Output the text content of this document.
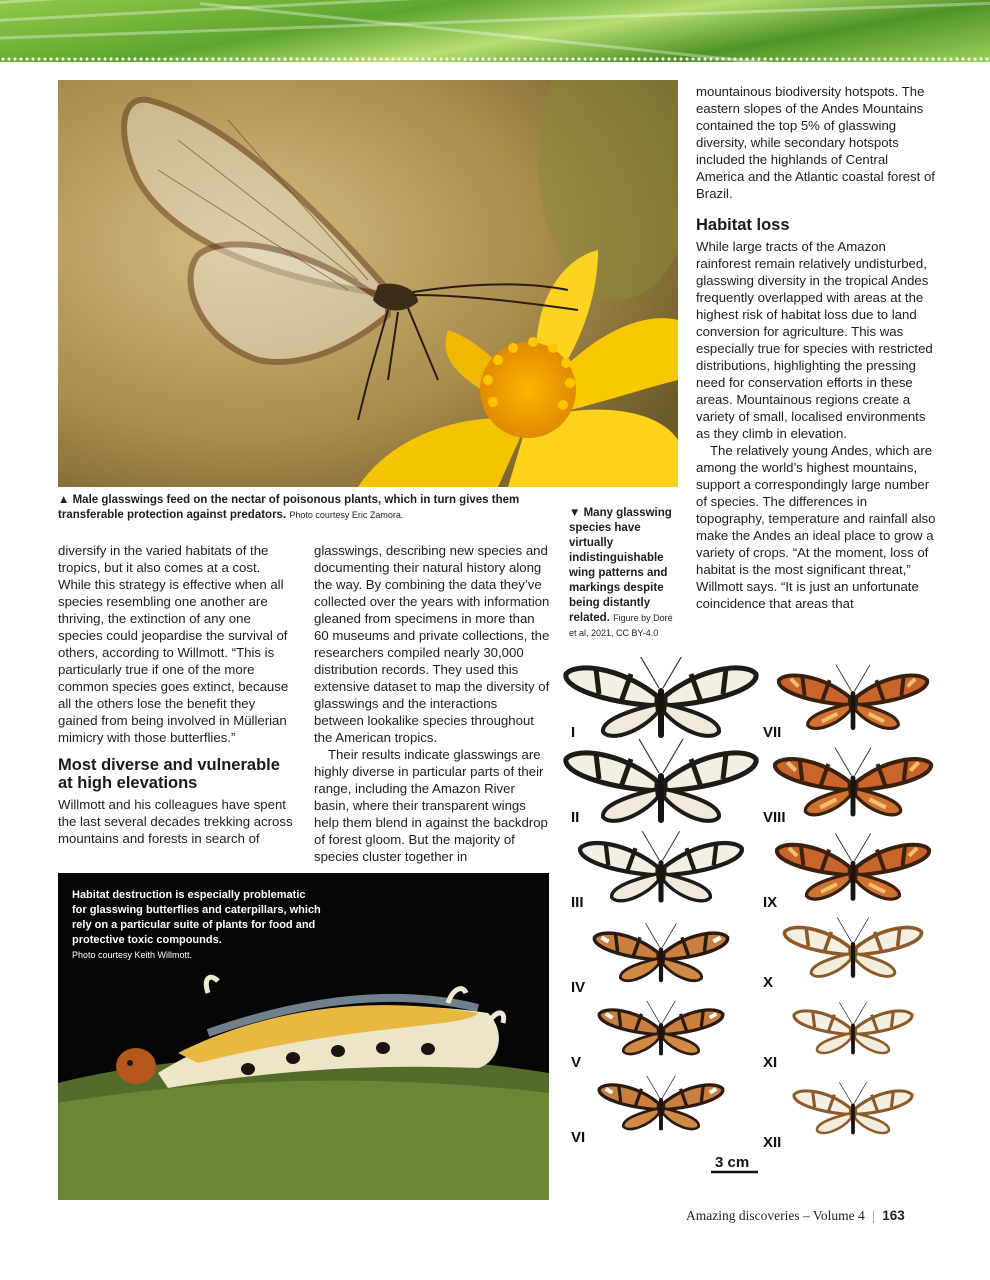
▲ Male glasswings feed on the nectar of poisonous plants, which in turn gives them transferable protection against predators. Photo courtesy Eric Zamora.	▼ Many glasswing species have virtually indistinguishable wing patterns and markings despite being distantly related. Figure by Doré et al, 2021, CC BY-4.0

diversify in the varied habitats of the tropics, but it also comes at a cost. While this strategy is effective when all species resembling one another are thriving, the extinction of any one species could jeopardise the survival of others, according to Willmott. “This is particularly true if one of the more common species goes extinct, because all the others lose the benefit they gained from being involved in Müllerian mimicry with those butterflies.”

Most diverse and vulnerable at high elevations

Willmott and his colleagues have spent the last several decades trekking across mountains and forests in search of

glasswings, describing new species and documenting their natural history along the way. By combining the data they’ve collected over the years with information gleaned from specimens in more than 60 museums and private collections, the researchers compiled nearly 30,000 distribution records. They used this extensive dataset to map the diversity of glasswings and the interactions between lookalike species throughout the American tropics.

Their results indicate glasswings are highly diverse in particular parts of their range, including the Amazon River basin, where their transparent wings help them blend in against the backdrop of forest gloom. But the majority of species cluster together in

mountainous biodiversity hotspots. The eastern slopes of the Andes Mountains contained the top 5% of glasswing diversity, while secondary hotspots included the highlands of Central America and the Atlantic coastal forest of Brazil.

Habitat loss

While large tracts of the Amazon rainforest remain relatively undisturbed, glasswing diversity in the tropical Andes frequently overlapped with areas at the highest risk of habitat loss due to land conversion for agriculture. This was especially true for species with restricted distributions, highlighting the pressing need for conservation efforts in these areas. Mountainous regions create a variety of small, localised environments as they climb in elevation.

The relatively young Andes, which are among the world’s highest mountains, support a correspondingly large number of species. The differences in topography, temperature and rainfall also make the Andes an ideal place to grow a variety of crops. “At the moment, loss of habitat is the most significant threat,” Willmott says. “It is just an unfortunate coincidence that areas that

Habitat destruction is especially problematic for glasswing butterflies and caterpillars, which rely on a particular suite of plants for food and protective toxic compounds.
Photo courtesy Keith Willmott.
I
II
III
IV
V
VI
VII
VIII
IX
X
XI
XII
3 cm
Amazing discoveries – Volume 4 | 163
